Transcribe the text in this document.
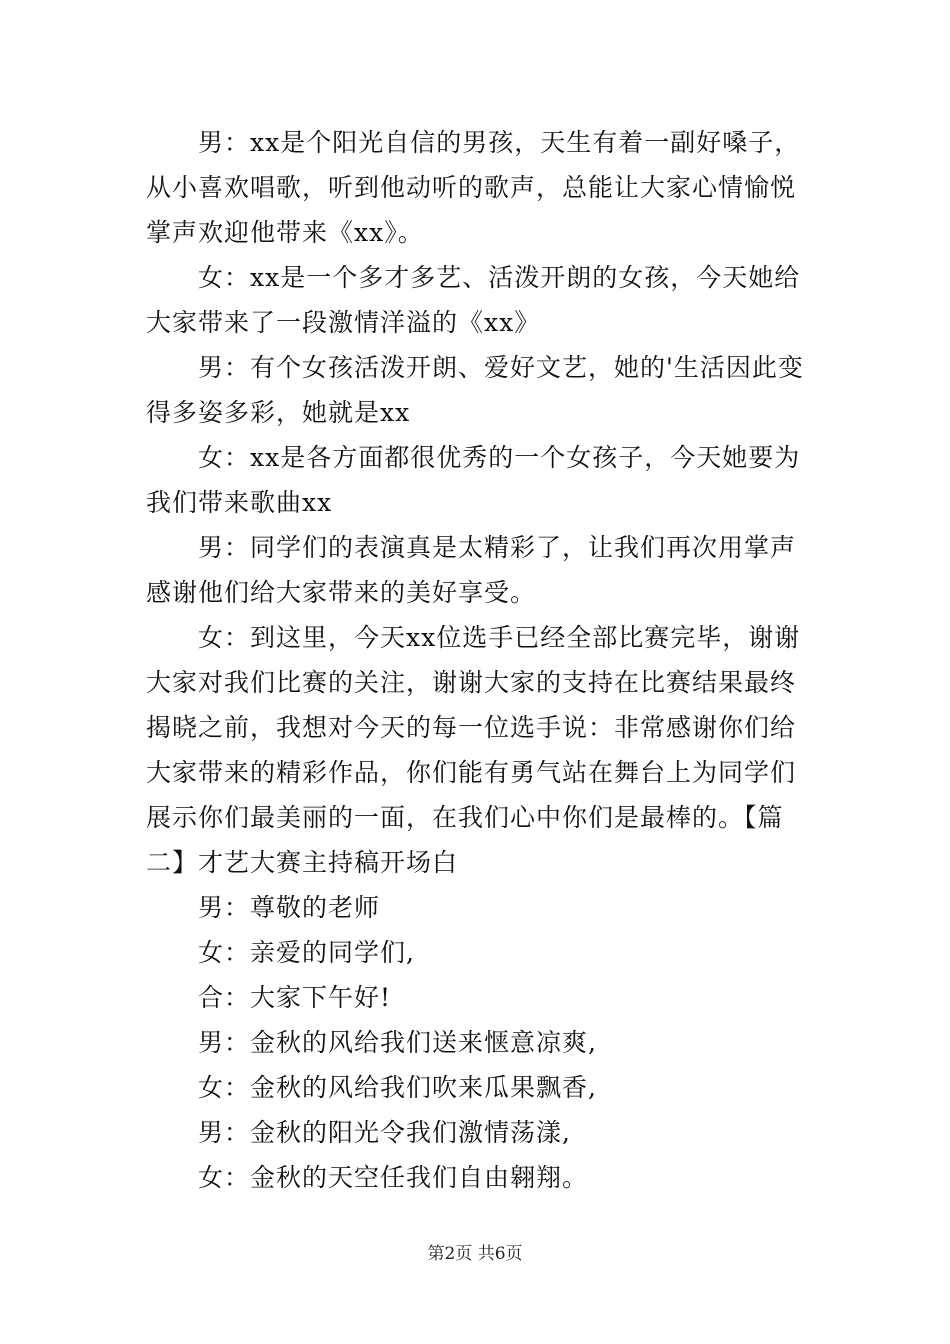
男：xx是个阳光自信的男孩，天生有着一副好嗓子，从小喜欢唱歌，听到他动听的歌声，总能让大家心情愉悦掌声欢迎他带来《xx》。

女：xx是一个多才多艺、活泼开朗的女孩，今天她给大家带来了一段激情洋溢的《xx》

男：有个女孩活泼开朗、爱好文艺，她的'生活因此变得多姿多彩，她就是xx

女：xx是各方面都很优秀的一个女孩子，今天她要为我们带来歌曲xx

男：同学们的表演真是太精彩了，让我们再次用掌声感谢他们给大家带来的美好享受。

女：到这里，今天xx位选手已经全部比赛完毕，谢谢大家对我们比赛的关注，谢谢大家的支持在比赛结果最终揭晓之前，我想对今天的每一位选手说：非常感谢你们给大家带来的精彩作品，你们能有勇气站在舞台上为同学们展示你们最美丽的一面，在我们心中你们是最棒的。【篇二】才艺大赛主持稿开场白

男：尊敬的老师

女：亲爱的同学们,

合：大家下午好!

男：金秋的风给我们送来惬意凉爽,

女：金秋的风给我们吹来瓜果飘香,

男：金秋的阳光令我们激情荡漾,

女：金秋的天空任我们自由翱翔。

第2页 共6页
